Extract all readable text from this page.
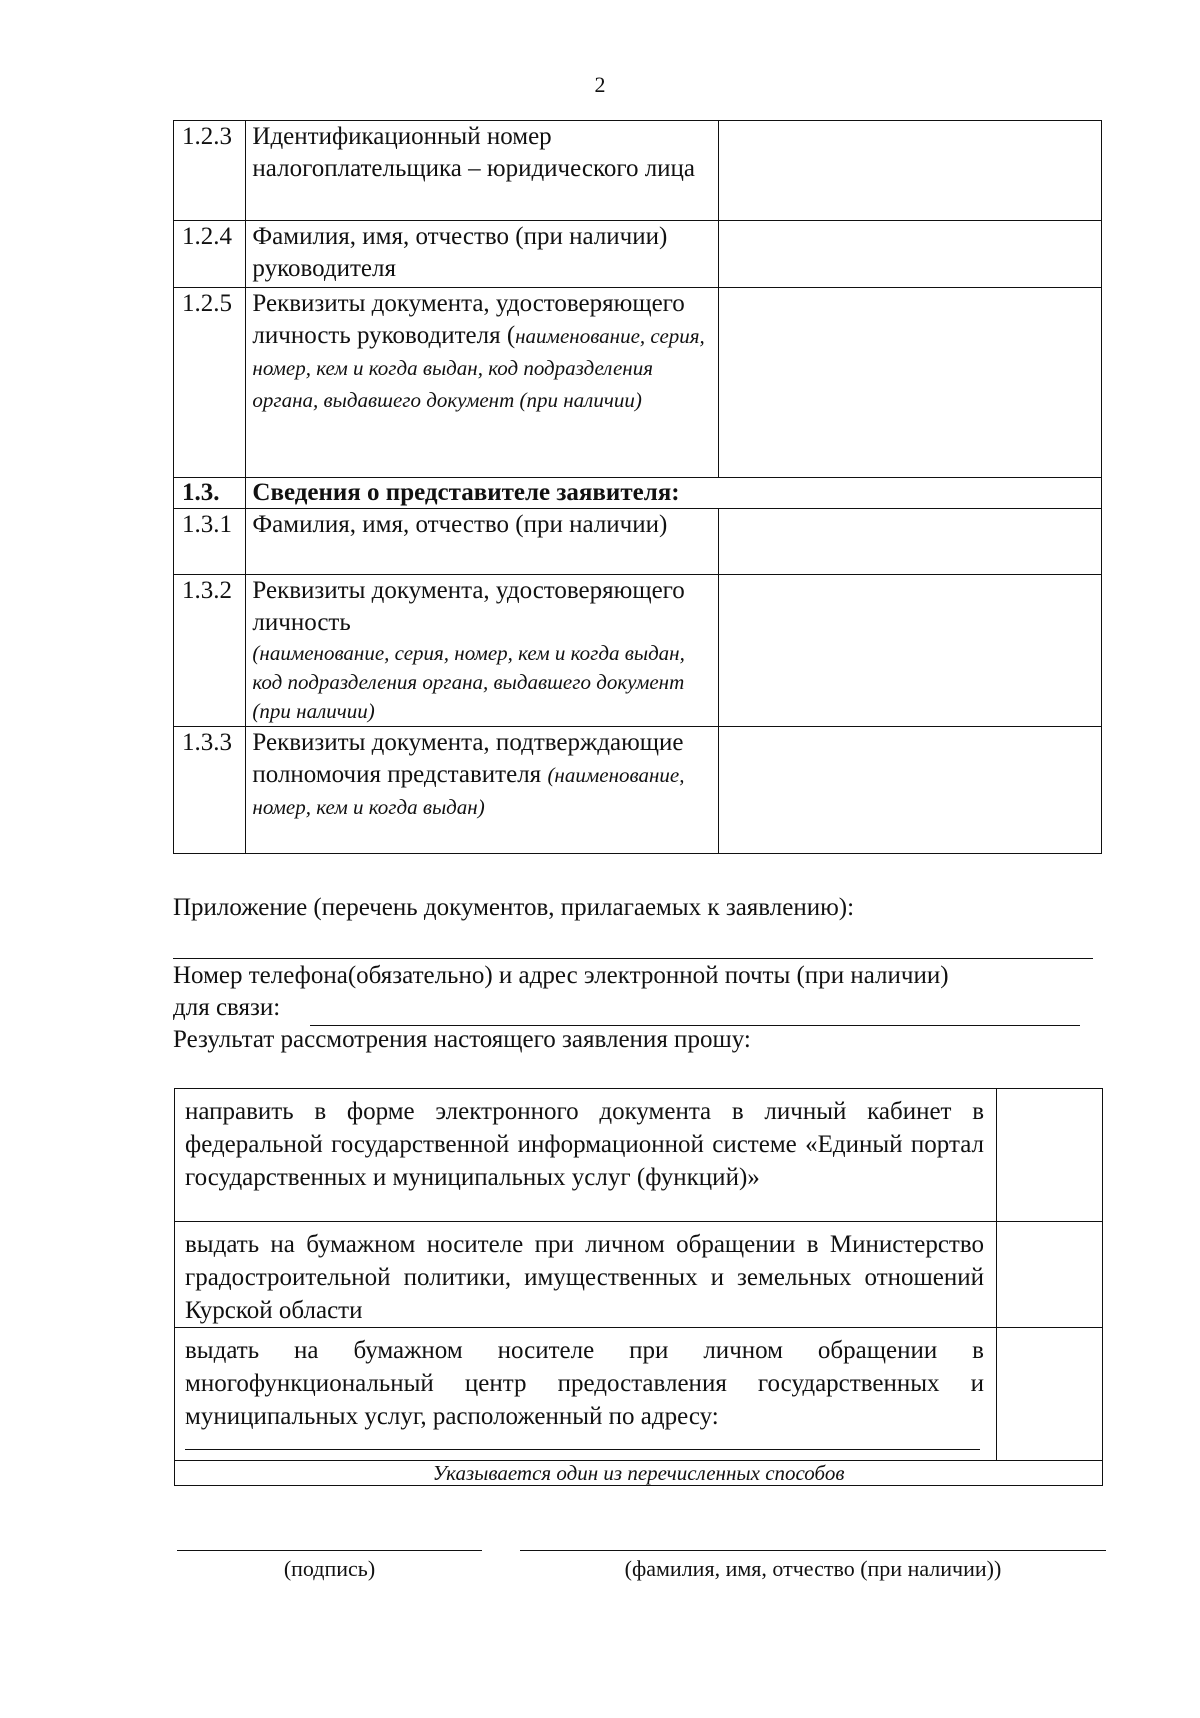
2
1.2.3	Идентификационный номер налогоплательщика – юридического лица	
1.2.4	Фамилия, имя, отчество (при наличии) руководителя	
1.2.5	Реквизиты документа, удостоверяющего личность руководителя (наименование, серия, номер, кем и когда выдан, код подразделения органа, выдавшего документ (при наличии)	
1.3.	Сведения о представителе заявителя:	
1.3.1	Фамилия, имя, отчество (при наличии)	
1.3.2	Реквизиты документа, удостоверяющего личность
(наименование, серия, номер, кем и когда выдан, код подразделения органа, выдавшего документ (при наличии)	

1.3.3	Реквизиты документа, подтверждающие полномочия представителя (наименование, номер, кем и когда выдан)	
Приложение (перечень документов, прилагаемых к заявлению):
Номер телефона(обязательно) и адрес электронной почты (при наличии)
для связи:
Результат рассмотрения настоящего заявления прошу:
направить в форме электронного документа в личный кабинет в федеральной государственной информационной системе «Единый портал государственных и муниципальных услуг (функций)»	
выдать на бумажном носителе при личном обращении в Министерство градостроительной политики, имущественных и земельных отношений Курской области	
выдать на бумажном носителе при личном обращении в многофункциональный центр предоставления государственных и муниципальных услуг, расположенный по адресу:

Указывается один из перечисленных способов	
(подпись)	(фамилия, имя, отчество (при наличии))
